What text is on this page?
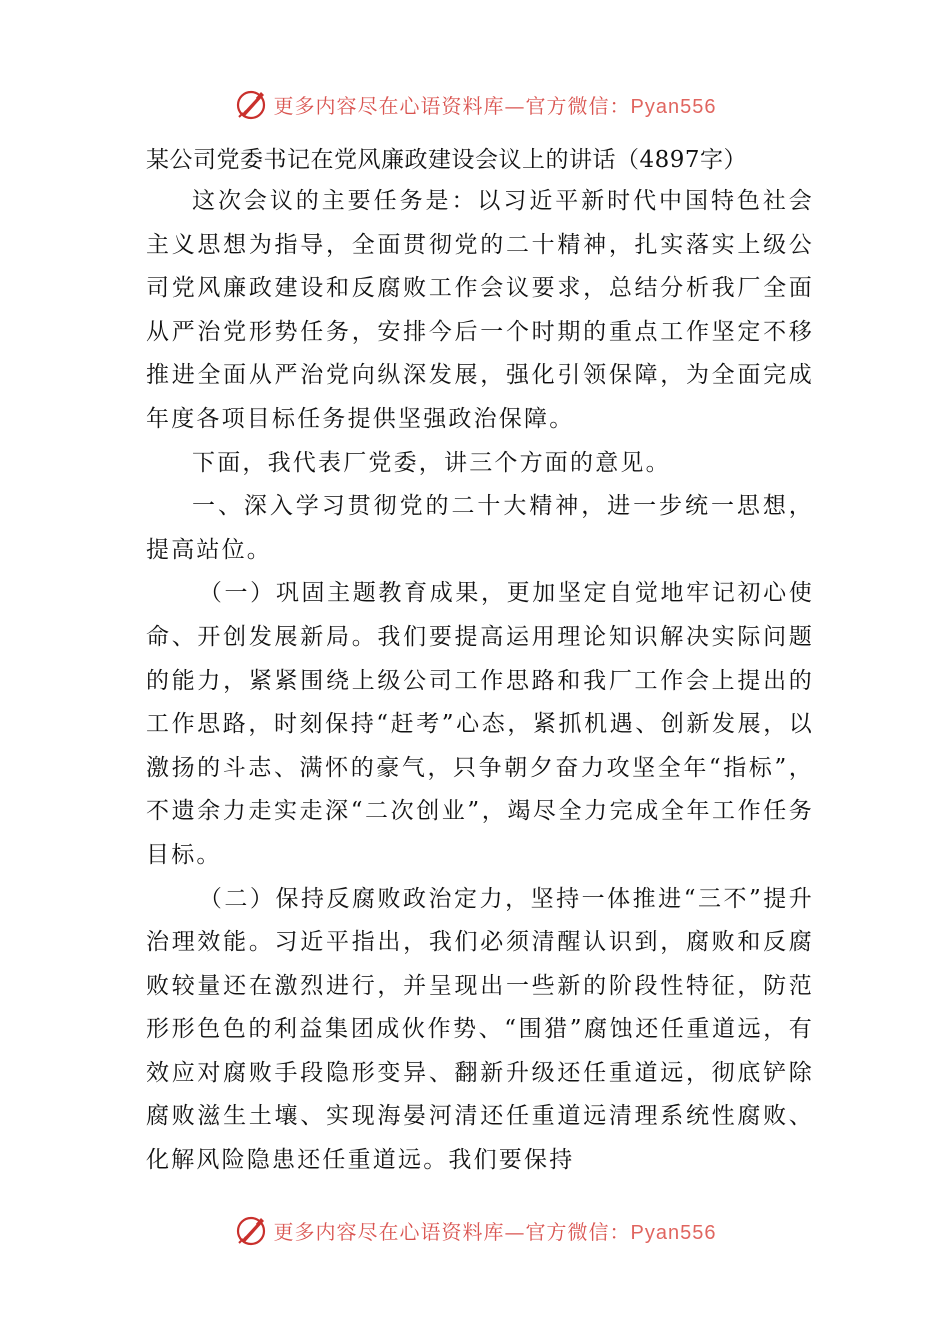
更多内容尽在心语资料库—官方微信：Pyan556

某公司党委书记在党风廉政建设会议上的讲话（4897字）

这次会议的主要任务是：以习近平新时代中国特色社会主义思想为指导，全面贯彻党的二十精神，扎实落实上级公司党风廉政建设和反腐败工作会议要求，总结分析我厂全面从严治党形势任务，安排今后一个时期的重点工作坚定不移推进全面从严治党向纵深发展，强化引领保障，为全面完成年度各项目标任务提供坚强政治保障。

下面，我代表厂党委，讲三个方面的意见。

一、深入学习贯彻党的二十大精神，进一步统一思想，提高站位。

（一）巩固主题教育成果，更加坚定自觉地牢记初心使命、开创发展新局。我们要提高运用理论知识解决实际问题的能力，紧紧围绕上级公司工作思路和我厂工作会上提出的工作思路，时刻保持“赶考”心态，紧抓机遇、创新发展，以激扬的斗志、满怀的豪气，只争朝夕奋力攻坚全年“指标”，不遗余力走实走深“二次创业”，竭尽全力完成全年工作任务目标。

（二）保持反腐败政治定力，坚持一体推进“三不”提升治理效能。习近平指出，我们必须清醒认识到，腐败和反腐败较量还在激烈进行，并呈现出一些新的阶段性特征，防范形形色色的利益集团成伙作势、“围猎”腐蚀还任重道远，有效应对腐败手段隐形变异、翻新升级还任重道远，彻底铲除腐败滋生土壤、实现海晏河清还任重道远清理系统性腐败、化解风险隐患还任重道远。我们要保持

更多内容尽在心语资料库—官方微信：Pyan556
